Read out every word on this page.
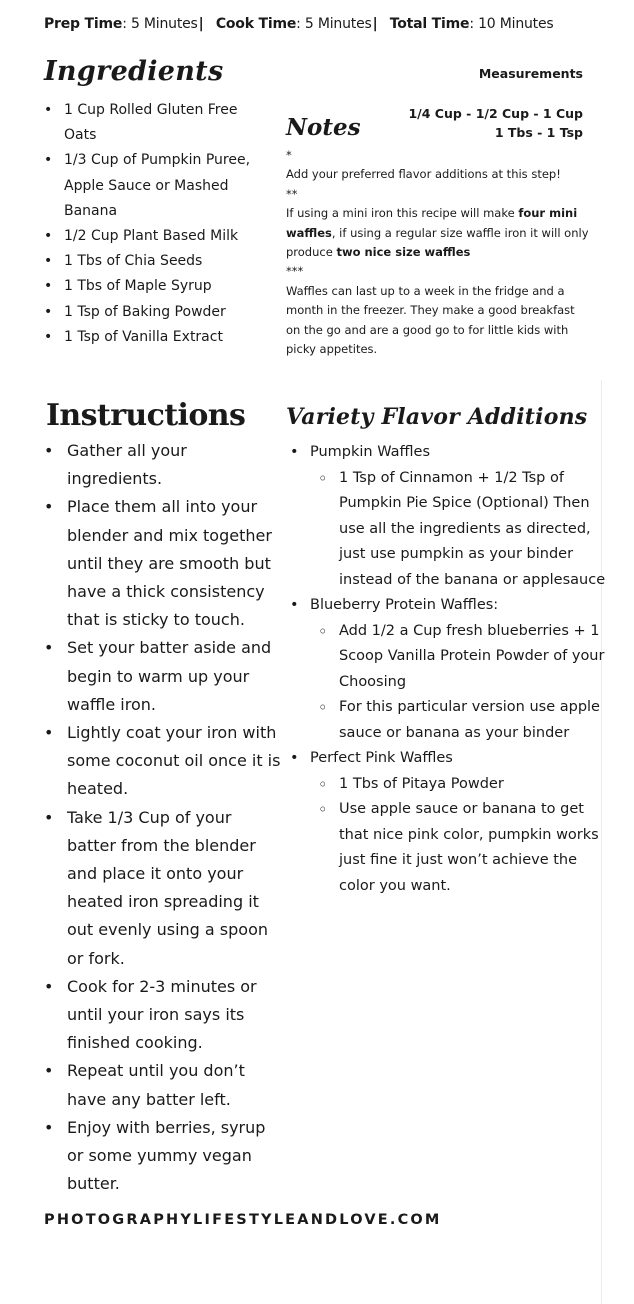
Prep Time: 5 Minutes| Cook Time: 5 Minutes| Total Time: 10 Minutes
Ingredients
• 1 Cup Rolled Gluten Free Oats
• 1/3 Cup of Pumpkin Puree, Apple Sauce or Mashed Banana
• 1/2 Cup Plant Based Milk
• 1 Tbs of Chia Seeds
• 1 Tbs of Maple Syrup
• 1 Tsp of Baking Powder
• 1 Tsp of Vanilla Extract
Measurements
1/4 Cup - 1/2 Cup - 1 Cup
1 Tbs - 1 Tsp
Notes

*

Add your preferred flavor additions at this step!

**

If using a mini iron this recipe will make four mini waffles, if using a regular size waffle iron it will only produce two nice size waffles

***

Waffles can last up to a week in the fridge and a month in the freezer. They make a good breakfast on the go and are a good go to for little kids with picky appetites.

Instructions
• Gather all your ingredients.
• Place them all into your blender and mix together until they are smooth but have a thick consistency that is sticky to touch.
• Set your batter aside and begin to warm up your waffle iron.
• Lightly coat your iron with some coconut oil once it is heated.
• Take 1/3 Cup of your batter from the blender and place it onto your heated iron spreading it out evenly using a spoon or fork.
• Cook for 2-3 minutes or until your iron says its finished cooking.
• Repeat until you don’t have any batter left.
• Enjoy with berries, syrup or some yummy vegan butter.
Variety Flavor Additions
• Pumpkin Waffles
◦ 1 Tsp of Cinnamon + 1/2 Tsp of Pumpkin Pie Spice (Optional) Then use all the ingredients as directed, just use pumpkin as your binder instead of the banana or applesauce
• Blueberry Protein Waffles:
◦ Add 1/2 a Cup fresh blueberries + 1 Scoop Vanilla Protein Powder of your Choosing
◦ For this particular version use apple sauce or banana as your binder
• Perfect Pink Waffles
◦ 1 Tbs of Pitaya Powder
◦ Use apple sauce or banana to get that nice pink color, pumpkin works just fine it just won’t achieve the color you want.
PHOTOGRAPHYLIFESTYLEANDLOVE.COM
